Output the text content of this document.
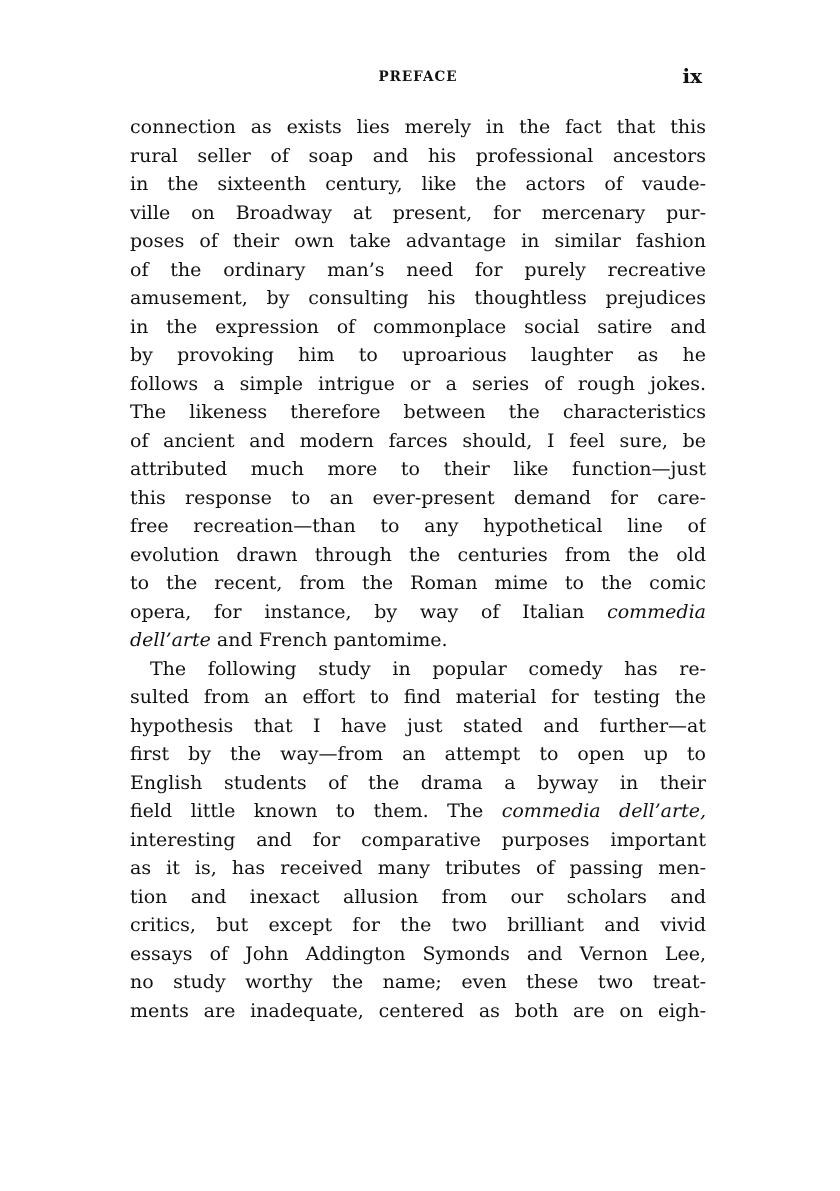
PREFACE	ix
connection as exists lies merely in the fact that this
rural seller of soap and his professional ancestors
in the sixteenth century, like the actors of vaude-
ville on Broadway at present, for mercenary pur-
poses of their own take advantage in similar fashion
of the ordinary man’s need for purely recreative
amusement, by consulting his thoughtless prejudices
in the expression of commonplace social satire and
by provoking him to uproarious laughter as he
follows a simple intrigue or a series of rough jokes.
The likeness therefore between the characteristics
of ancient and modern farces should, I feel sure, be
attributed much more to their like function—just
this response to an ever-present demand for care-
free recreation—than to any hypothetical line of
evolution drawn through the centuries from the old
to the recent, from the Roman mime to the comic
opera, for instance, by way of Italian commedia
dell’arte and French pantomime.
The following study in popular comedy has re-
sulted from an effort to find material for testing the
hypothesis that I have just stated and further—at
first by the way—from an attempt to open up to
English students of the drama a byway in their
field little known to them. The commedia dell’arte,
interesting and for comparative purposes important
as it is, has received many tributes of passing men-
tion and inexact allusion from our scholars and
critics, but except for the two brilliant and vivid
essays of John Addington Symonds and Vernon Lee,
no study worthy the name; even these two treat-
ments are inadequate, centered as both are on eigh-
